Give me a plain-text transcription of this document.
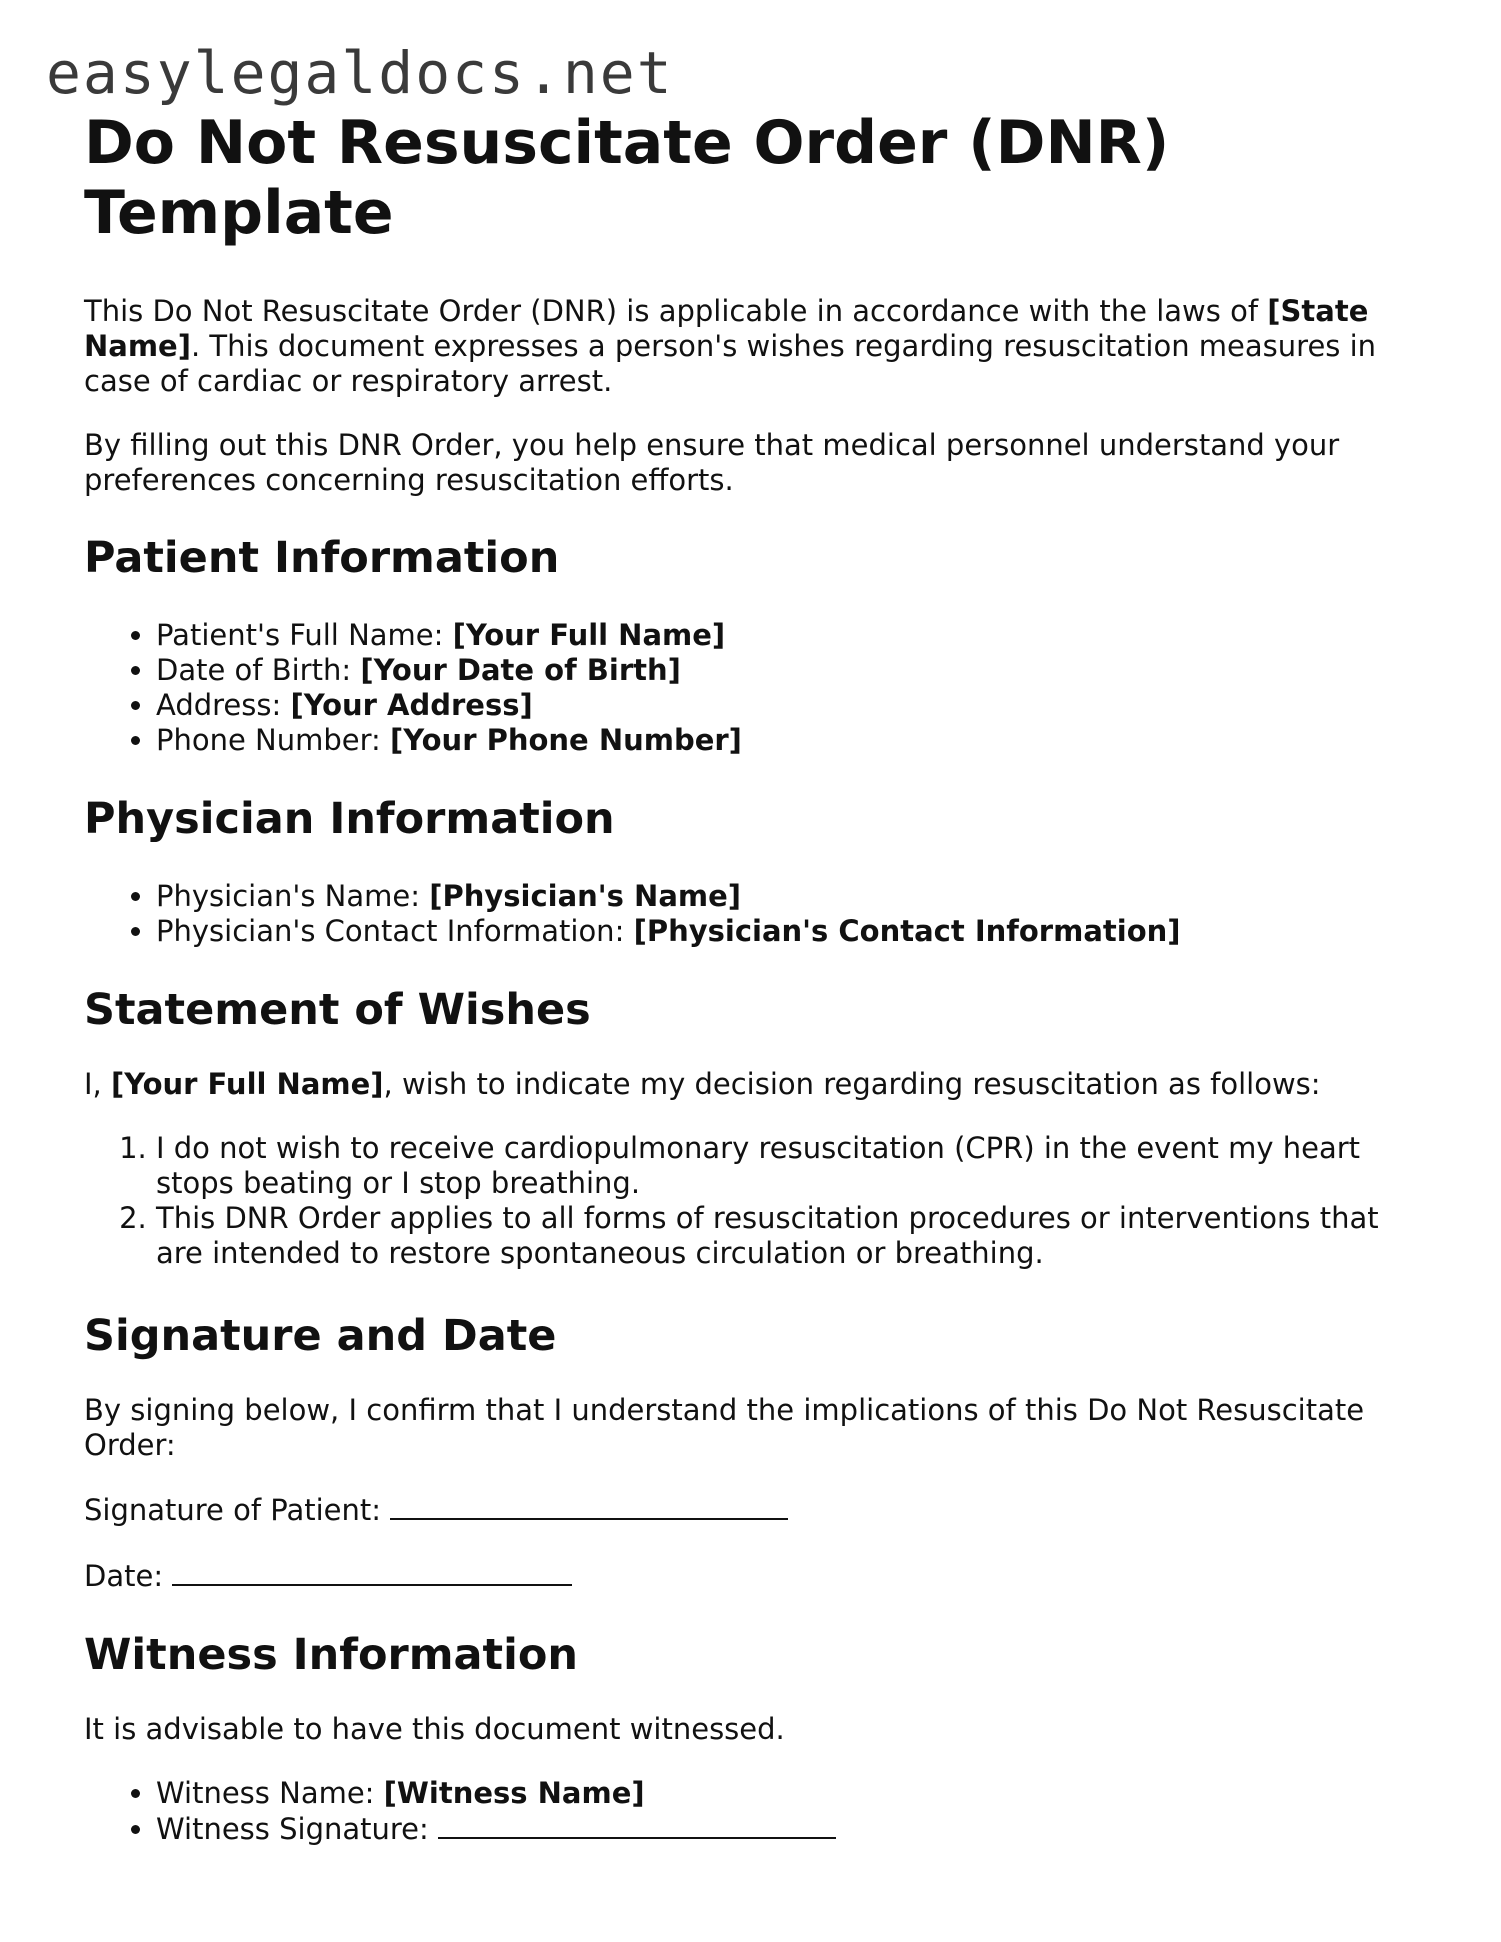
easylegaldocs.net
Do Not Resuscitate Order (DNR) Template

This Do Not Resuscitate Order (DNR) is applicable in accordance with the laws of [State Name]. This document expresses a person's wishes regarding resuscitation measures in case of cardiac or respiratory arrest.

By filling out this DNR Order, you help ensure that medical personnel understand your preferences concerning resuscitation efforts.

Patient Information
• Patient's Full Name: [Your Full Name]
• Date of Birth: [Your Date of Birth]
• Address: [Your Address]
• Phone Number: [Your Phone Number]
Physician Information
• Physician's Name: [Physician's Name]
• Physician's Contact Information: [Physician's Contact Information]
Statement of Wishes

I, [Your Full Name], wish to indicate my decision regarding resuscitation as follows:

1. I do not wish to receive cardiopulmonary resuscitation (CPR) in the event my heart stops beating or I stop breathing.
2. This DNR Order applies to all forms of resuscitation procedures or interventions that are intended to restore spontaneous circulation or breathing.
Signature and Date

By signing below, I confirm that I understand the implications of this Do Not Resuscitate Order:

Signature of Patient:

Date:

Witness Information

It is advisable to have this document witnessed.

• Witness Name: [Witness Name]
• Witness Signature:
